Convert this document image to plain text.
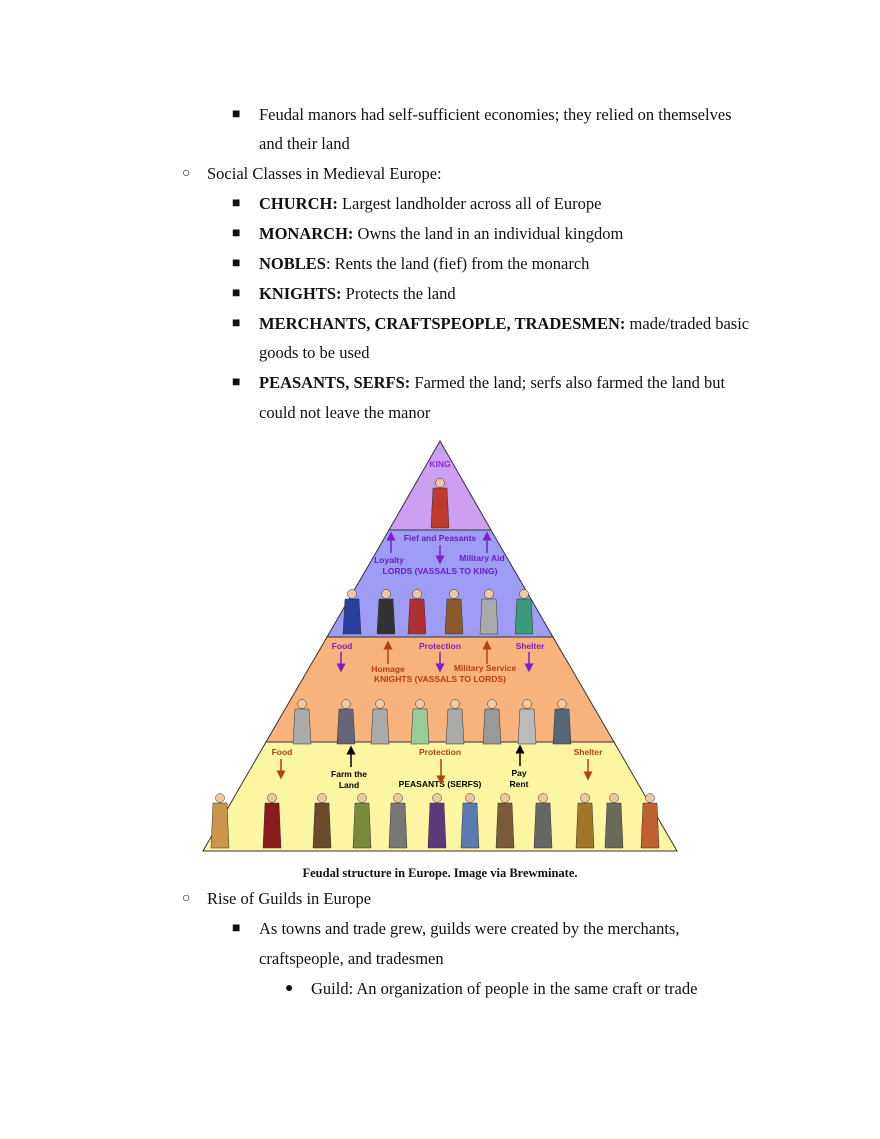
■ Feudal manors had self-sufficient economies; they relied on themselves
and their land
○ Social Classes in Medieval Europe:
■ CHURCH: Largest landholder across all of Europe
■ MONARCH: Owns the land in an individual kingdom
■ NOBLES: Rents the land (fief) from the monarch
■ KNIGHTS: Protects the land
■ MERCHANTS, CRAFTSPEOPLE, TRADESMEN: made/traded basic
goods to be used
■ PEASANTS, SERFS: Farmed the land; serfs also farmed the land but
could not leave the manor
KING
Fief and Peasants
Loyalty	Military Aid
LORDS (VASSALS TO KING)
Food	Protection	Shelter
Homage	Military Service
KNIGHTS (VASSALS TO LORDS)
Food	Protection	Shelter
Farm the
Land	PEASANTS (SERFS)
Pay
Rent
Feudal structure in Europe. Image via Brewminate.
○ Rise of Guilds in Europe
■ As towns and trade grew, guilds were created by the merchants,
craftspeople, and tradesmen
● Guild: An organization of people in the same craft or trade
